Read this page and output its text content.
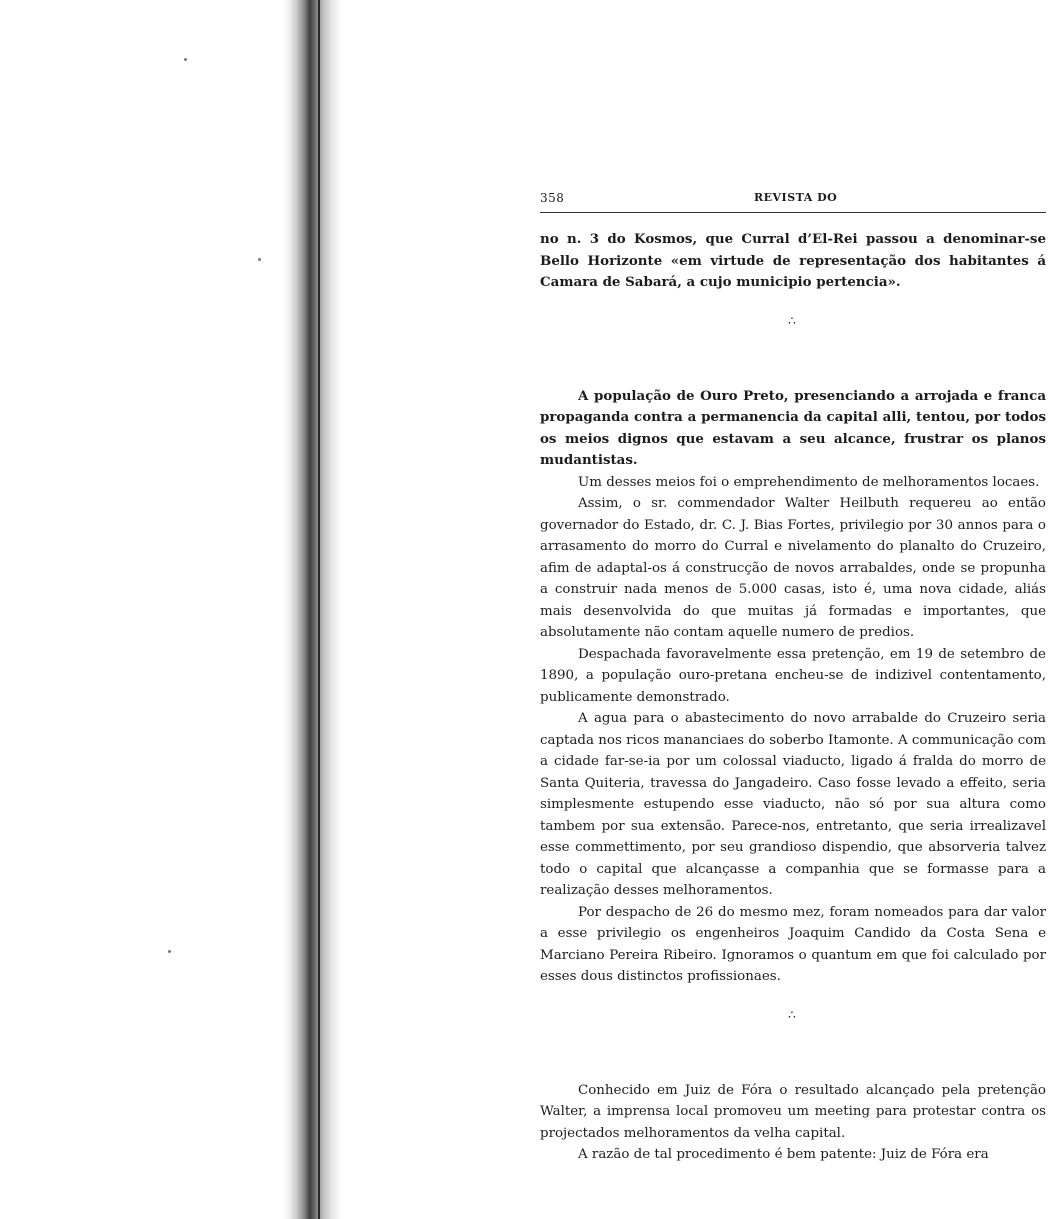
358	REVISTA DO

no n. 3 do Kosmos, que Curral d’El-Rei passou a denominar-se Bello Horizonte «em virtude de representação dos habitantes á Camara de Sabará, a cujo municipio pertencia».

∴

A população de Ouro Preto, presenciando a arrojada e franca propaganda contra a permanencia da capital alli, tentou, por todos os meios dignos que estavam a seu alcance, frustrar os planos mudantistas.

Um desses meios foi o emprehendimento de melhoramentos locaes.

Assim, o sr. commendador Walter Heilbuth requereu ao então governador do Estado, dr. C. J. Bias Fortes, privilegio por 30 annos para o arrasamento do morro do Curral e nivelamento do planalto do Cruzeiro, afim de adaptal-os á construcção de novos arrabaldes, onde se propunha a construir nada menos de 5.000 casas, isto é, uma nova cidade, aliás mais desenvolvida do que muitas já formadas e importantes, que absolutamente não contam aquelle numero de predios.

Despachada favoravelmente essa pretenção, em 19 de setembro de 1890, a população ouro-pretana encheu-se de indizivel contentamento, publicamente demonstrado.

A agua para o abastecimento do novo arrabalde do Cruzeiro seria captada nos ricos mananciaes do soberbo Itamonte. A communicação com a cidade far-se-ia por um colossal viaducto, ligado á fralda do morro de Santa Quiteria, travessa do Jangadeiro. Caso fosse levado a effeito, seria simplesmente estupendo esse viaducto, não só por sua altura como tambem por sua extensão. Parece-nos, entretanto, que seria irrealizavel esse commettimento, por seu grandioso dispendio, que absorveria talvez todo o capital que alcançasse a companhia que se formasse para a realização desses melhoramentos.

Por despacho de 26 do mesmo mez, foram nomeados para dar valor a esse privilegio os engenheiros Joaquim Candido da Costa Sena e Marciano Pereira Ribeiro. Ignoramos o quantum em que foi calculado por esses dous distinctos profissionaes.

∴

Conhecido em Juiz de Fóra o resultado alcançado pela pretenção Walter, a imprensa local promoveu um meeting para protestar contra os projectados melhoramentos da velha capital.

A razão de tal procedimento é bem patente: Juiz de Fóra era
